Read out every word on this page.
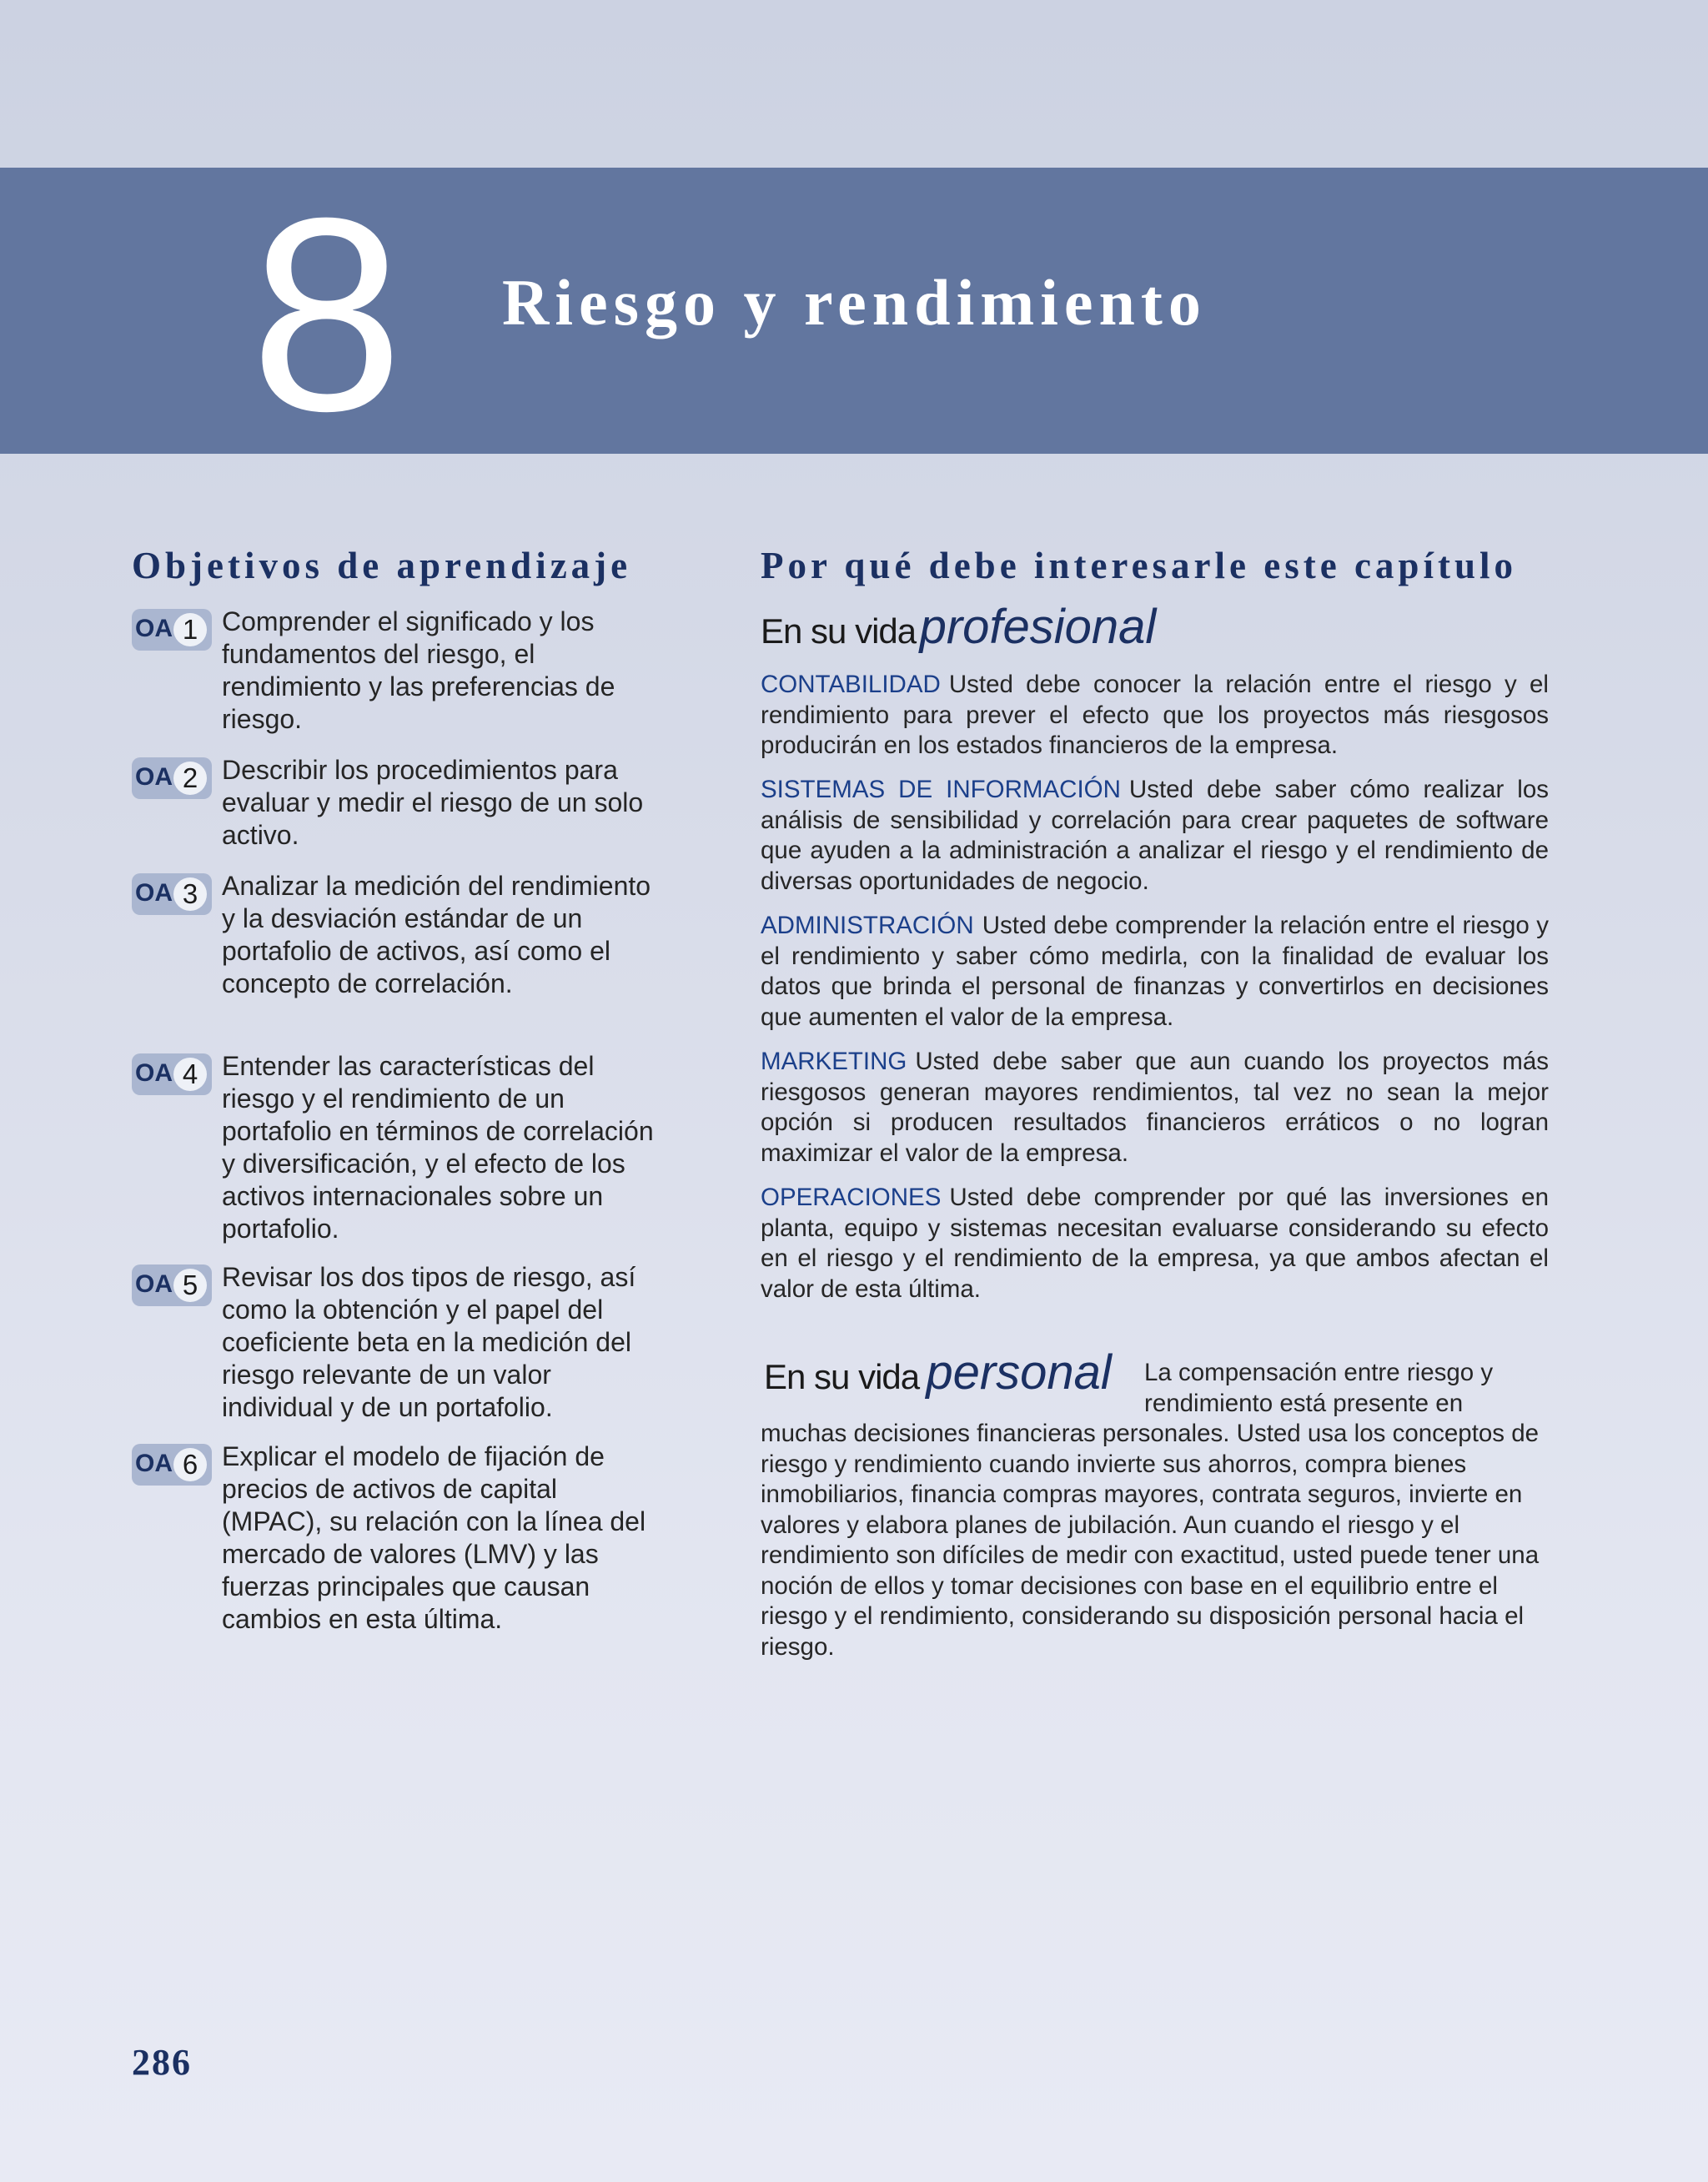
8 Riesgo y rendimiento
Objetivos de aprendizaje
OA 1 Comprender el significado y los fundamentos del riesgo, el rendimiento y las preferencias de riesgo.
OA 2 Describir los procedimientos para evaluar y medir el riesgo de un solo activo.
OA 3 Analizar la medición del rendimiento y la desviación estándar de un portafolio de activos, así como el concepto de correlación.
OA 4 Entender las características del riesgo y el rendimiento de un portafolio en términos de correlación y diversificación, y el efecto de los activos internacionales sobre un portafolio.
OA 5 Revisar los dos tipos de riesgo, así como la obtención y el papel del coeficiente beta en la medición del riesgo relevante de un valor individual y de un portafolio.
OA 6 Explicar el modelo de fijación de precios de activos de capital (MPAC), su relación con la línea del mercado de valores (LMV) y las fuerzas principales que causan cambios en esta última.
Por qué debe interesarle este capítulo
En su vida profesional
CONTABILIDAD Usted debe conocer la relación entre el riesgo y el rendimiento para prever el efecto que los proyectos más riesgosos producirán en los estados financieros de la empresa.
SISTEMAS DE INFORMACIÓN Usted debe saber cómo realizar los análisis de sensibilidad y correlación para crear paquetes de software que ayuden a la administración a analizar el riesgo y el rendimiento de diversas oportunidades de negocio.
ADMINISTRACIÓN Usted debe comprender la relación entre el riesgo y el rendimiento y saber cómo medirla, con la finalidad de evaluar los datos que brinda el personal de finanzas y convertirlos en decisiones que aumenten el valor de la empresa.
MARKETING Usted debe saber que aun cuando los proyectos más riesgosos generan mayores rendimientos, tal vez no sean la mejor opción si producen resultados financieros erráticos o no logran maximizar el valor de la empresa.
OPERACIONES Usted debe comprender por qué las inversiones en planta, equipo y sistemas necesitan evaluarse considerando su efecto en el riesgo y el rendimiento de la empresa, ya que ambos afectan el valor de esta última.
En su vida personal	La compensación entre riesgo y rendimiento está presente en muchas decisiones financieras personales. Usted usa los conceptos de riesgo y rendimiento cuando invierte sus ahorros, compra bienes inmobiliarios, financia compras mayores, contrata seguros, invierte en valores y elabora planes de jubilación. Aun cuando el riesgo y el rendimiento son difíciles de medir con exactitud, usted puede tener una noción de ellos y tomar decisiones con base en el equilibrio entre el riesgo y el rendimiento, considerando su disposición personal hacia el riesgo.
286
